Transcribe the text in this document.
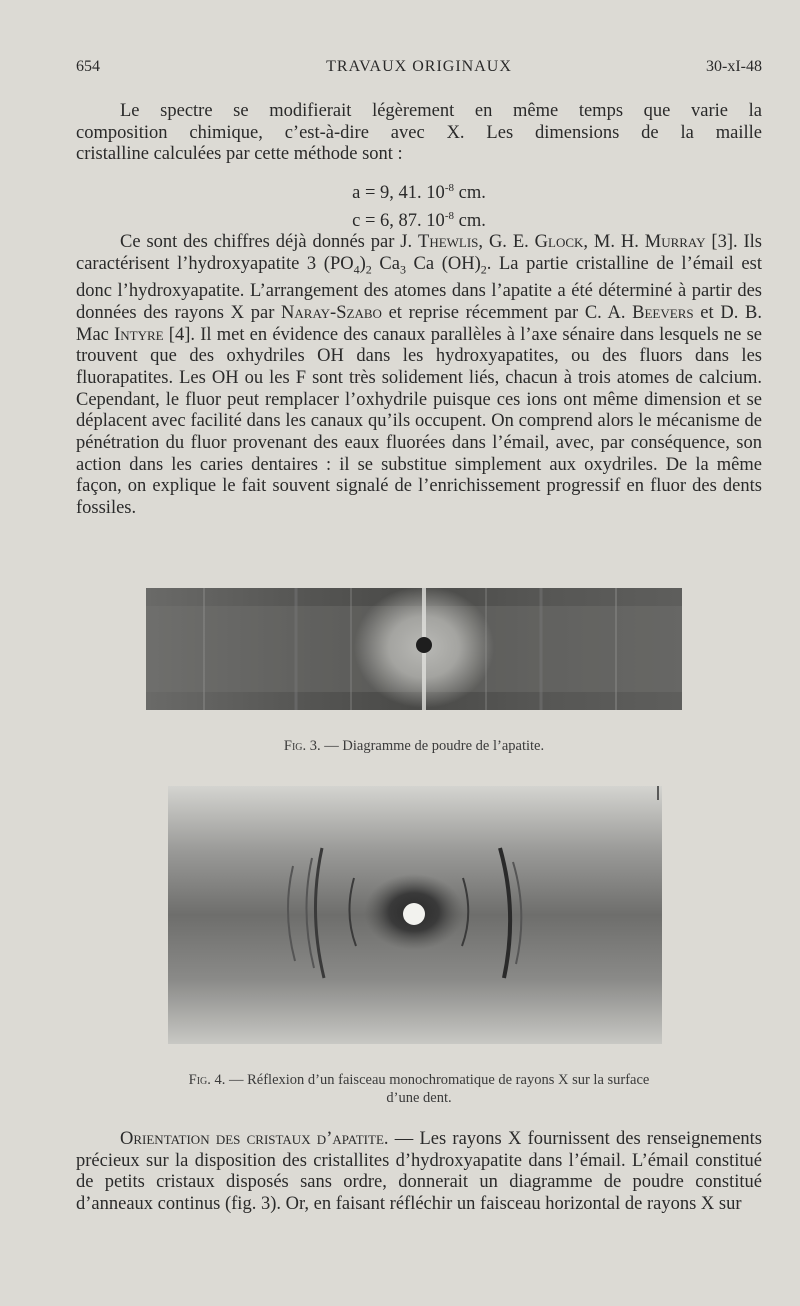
654	TRAVAUX ORIGINAUX	30-xI-48

Le spectre se modifierait légèrement en même temps que varie la

composition chimique, c’est-à-dire avec X. Les dimensions de la maille

cristalline calculées par cette méthode sont :

a = 9, 41. $10^{-8}$ cm.
c = 6, 87. $10^{-8}$ cm.

Ce sont des chiffres déjà donnés par J. Thewlis, G. E. Glock, M. H. Murray [3]. Ils caractérisent l’hydroxyapatite 3 $(PO_4)_2$ $Ca_3$ Ca $(OH)_2$. La partie cristalline de l’émail est donc l’hydroxyapatite. L’arrangement des atomes dans l’apatite a été déterminé à partir des données des rayons X par Naray-Szabo et reprise récemment par C. A. Beevers et D. B. Mac Intyre [4]. Il met en évidence des canaux parallèles à l’axe sénaire dans lesquels ne se trouvent que des oxhydriles OH dans les hydroxyapatites, ou des fluors dans les fluorapatites. Les OH ou les F sont très solidement liés, chacun à trois atomes de calcium. Cependant, le fluor peut remplacer l’oxhydrile puisque ces ions ont même dimension et se déplacent avec facilité dans les canaux qu’ils occupent. On comprend alors le mécanisme de pénétration du fluor provenant des eaux fluorées dans l’émail, avec, par conséquence, son action dans les caries dentaires : il se substitue simplement aux oxydriles. De la même façon, on explique le fait souvent signalé de l’enrichissement progressif en fluor des dents fossiles.

Fig. 3. — Diagramme de poudre de l’apatite.
Fig. 4. — Réflexion d’un faisceau monochromatique de rayons X sur la surface
d’une dent.

Orientation des cristaux d’apatite. — Les rayons X fournissent des renseignements précieux sur la disposition des cristallites d’hydroxyapatite dans l’émail. L’émail constitué de petits cristaux disposés sans ordre, donnerait un diagramme de poudre constitué d’anneaux continus (fig. 3). Or, en faisant réfléchir un faisceau horizontal de rayons X sur
